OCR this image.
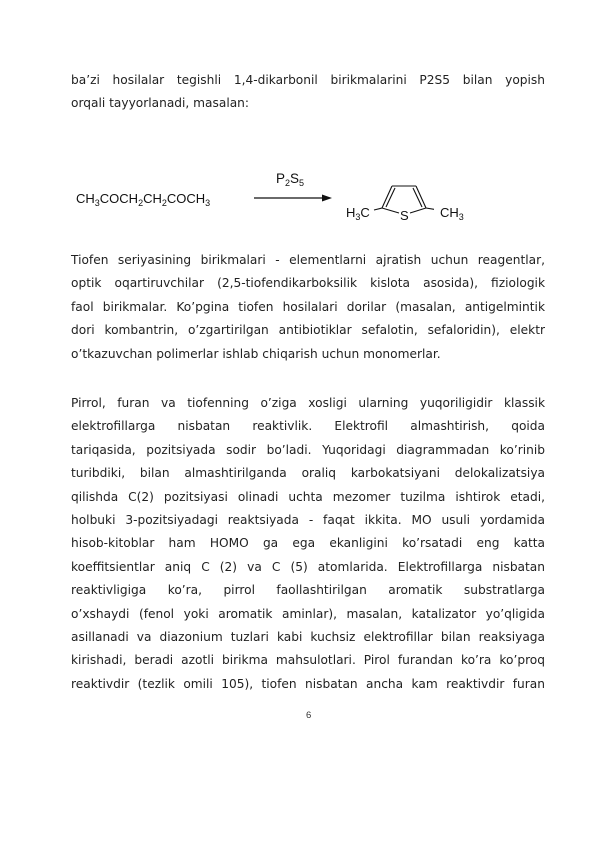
ba’zi hosilalar tegishli 1,4-dikarbonil birikmalarini P2S5 bilan yopish
orqali tayyorlanadi, masalan:
$CH_3COCH_2CH_2COCH_3$
$P_2S_5$
$H_3C$ S $CH_3$
Tiofen seriyasining birikmalari - elementlarni ajratish uchun reagentlar,
optik oqartiruvchilar (2,5-tiofendikarboksilik kislota asosida), fiziologik
faol birikmalar. Ko’pgina tiofen hosilalari dorilar (masalan, antigelmintik
dori kombantrin, o’zgartirilgan antibiotiklar sefalotin, sefaloridin), elektr
o’tkazuvchan polimerlar ishlab chiqarish uchun monomerlar.
Pirrol, furan va tiofenning o’ziga xosligi ularning yuqoriligidir klassik
elektrofillarga nisbatan reaktivlik. Elektrofil almashtirish, qoida
tariqasida, pozitsiyada sodir bo’ladi. Yuqoridagi diagrammadan ko’rinib
turibdiki, bilan almashtirilganda oraliq karbokatsiyani delokalizatsiya
qilishda C(2) pozitsiyasi olinadi uchta mezomer tuzilma ishtirok etadi,
holbuki 3-pozitsiyadagi reaktsiyada - faqat ikkita. MO usuli yordamida
hisob-kitoblar ham HOMO ga ega ekanligini ko’rsatadi eng katta
koeffitsientlar aniq C (2) va C (5) atomlarida. Elektrofillarga nisbatan
reaktivligiga ko’ra, pirrol faollashtirilgan aromatik substratlarga
o’xshaydi (fenol yoki aromatik aminlar), masalan, katalizator yo’qligida
asillanadi va diazonium tuzlari kabi kuchsiz elektrofillar bilan reaksiyaga
kirishadi, beradi azotli birikma mahsulotlari. Pirol furandan ko’ra ko’proq
reaktivdir (tezlik omili 105), tiofen nisbatan ancha kam reaktivdir furan
6
